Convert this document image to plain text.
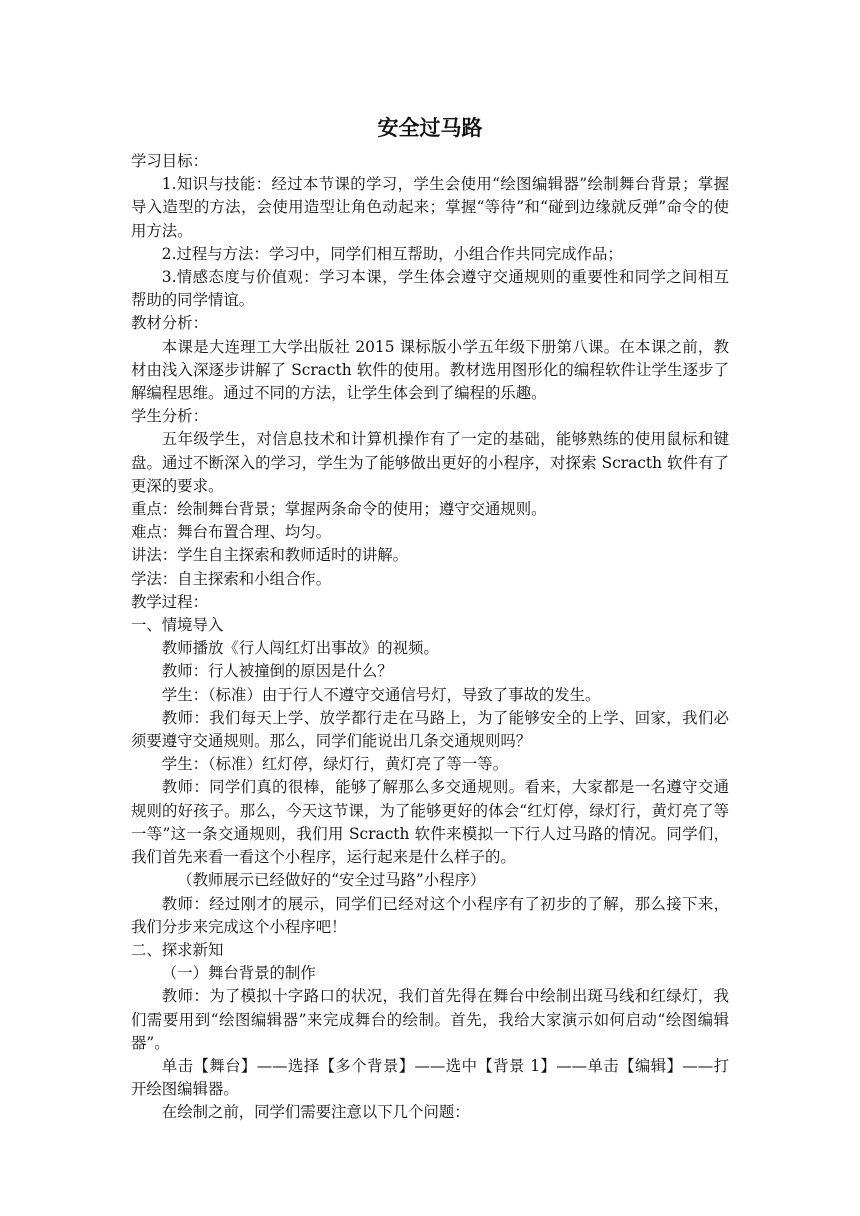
安全过马路

学习目标：

1.知识与技能：经过本节课的学习，学生会使用“绘图编辑器”绘制舞台背景；掌握导入造型的方法，会使用造型让角色动起来；掌握“等待”和“碰到边缘就反弹”命令的使用方法。

2.过程与方法：学习中，同学们相互帮助，小组合作共同完成作品；

3.情感态度与价值观：学习本课，学生体会遵守交通规则的重要性和同学之间相互帮助的同学情谊。

教材分析：

本课是大连理工大学出版社 2015 课标版小学五年级下册第八课。在本课之前，教材由浅入深逐步讲解了 Scracth 软件的使用。教材选用图形化的编程软件让学生逐步了解编程思维。通过不同的方法，让学生体会到了编程的乐趣。

学生分析：

五年级学生，对信息技术和计算机操作有了一定的基础，能够熟练的使用鼠标和键盘。通过不断深入的学习，学生为了能够做出更好的小程序，对探索 Scracth 软件有了更深的要求。

重点：绘制舞台背景；掌握两条命令的使用；遵守交通规则。

难点：舞台布置合理、均匀。

讲法：学生自主探索和教师适时的讲解。

学法：自主探索和小组合作。

教学过程：

一、情境导入

教师播放《行人闯红灯出事故》的视频。

教师：行人被撞倒的原因是什么？

学生：（标准）由于行人不遵守交通信号灯，导致了事故的发生。

教师：我们每天上学、放学都行走在马路上，为了能够安全的上学、回家，我们必须要遵守交通规则。那么，同学们能说出几条交通规则吗？

学生：（标准）红灯停，绿灯行，黄灯亮了等一等。

教师：同学们真的很棒，能够了解那么多交通规则。看来，大家都是一名遵守交通规则的好孩子。那么，今天这节课，为了能够更好的体会“红灯停，绿灯行，黄灯亮了等一等”这一条交通规则，我们用 Scracth 软件来模拟一下行人过马路的情况。同学们，我们首先来看一看这个小程序，运行起来是什么样子的。

（教师展示已经做好的“安全过马路”小程序）

教师：经过刚才的展示，同学们已经对这个小程序有了初步的了解，那么接下来，我们分步来完成这个小程序吧！

二、探求新知

（一）舞台背景的制作

教师：为了模拟十字路口的状况，我们首先得在舞台中绘制出斑马线和红绿灯，我们需要用到“绘图编辑器”来完成舞台的绘制。首先，我给大家演示如何启动“绘图编辑器”。

单击【舞台】——选择【多个背景】——选中【背景 1】——单击【编辑】——打开绘图编辑器。

在绘制之前，同学们需要注意以下几个问题：
